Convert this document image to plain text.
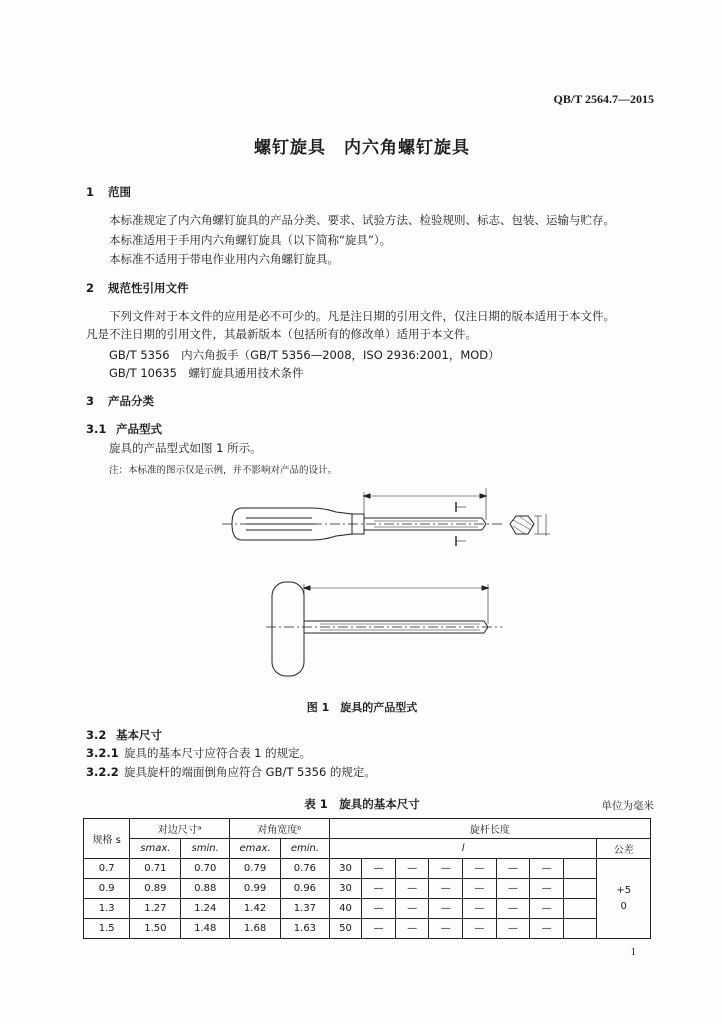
QB/T 2564.7—2015
螺钉旋具　内六角螺钉旋具
1 范围
本标准规定了内六角螺钉旋具的产品分类、要求、试验方法、检验规则、标志、包装、运输与贮存。
本标准适用于手用内六角螺钉旋具（以下简称“旋具”）。
本标准不适用于带电作业用内六角螺钉旋具。
2 规范性引用文件
下列文件对于本文件的应用是必不可少的。凡是注日期的引用文件，仅注日期的版本适用于本文件。
凡是不注日期的引用文件，其最新版本（包括所有的修改单）适用于本文件。
GB/T 5356　内六角扳手（GB/T 5356—2008，ISO 2936:2001，MOD）
GB/T 10635　螺钉旋具通用技术条件
3 产品分类
3.1 产品型式
旋具的产品型式如图 1 所示。
注：本标准的图示仅是示例，并不影响对产品的设计。
图 1　旋具的产品型式
3.2 基本尺寸
3.2.1 旋具的基本尺寸应符合表 1 的规定。
3.2.2 旋具旋杆的端面倒角应符合 GB/T 5356 的规定。
表 1　旋具的基本尺寸	单位为毫米
规格 s	对边尺寸ᵃ		对角宽度ᵇ		旋杆长度								
	smax.	smin.	emax.	emin.	l								公差
0.7	0.71	0.70	0.79	0.76	30	—	—	—	—	—	—		+5
0

0.9	0.89	0.88	0.99	0.96	30	—	—	—	—	—	—		
1.3	1.27	1.24	1.42	1.37	40	—	—	—	—	—	—		
1.5	1.50	1.48	1.68	1.63	50	—	—	—	—	—	—		
1
